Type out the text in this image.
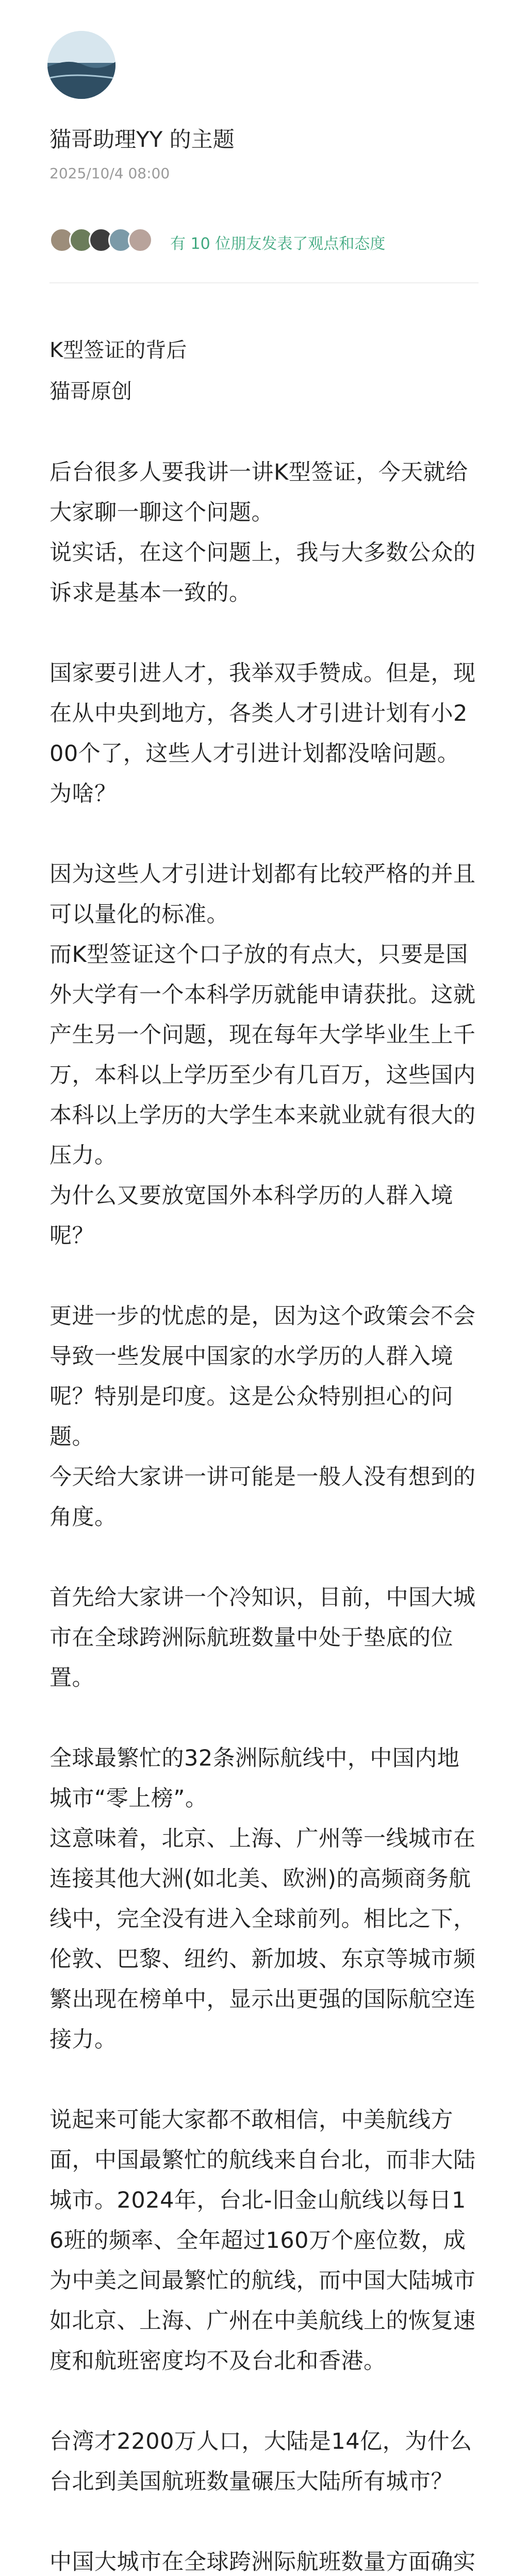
猫哥助理YY 的主题
2025/10/4 08:00
有 10 位朋友发表了观点和态度

K型签证的背后

猫哥原创

后台很多人要我讲一讲K型签证，今天就给大家聊一聊这个问题。

说实话，在这个问题上，我与大多数公众的诉求是基本一致的。

国家要引进人才，我举双手赞成。但是，现在从中央到地方，各类人才引进计划有小200个了，这些人才引进计划都没啥问题。为啥？

因为这些人才引进计划都有比较严格的并且可以量化的标准。

而K型签证这个口子放的有点大，只要是国外大学有一个本科学历就能申请获批。这就产生另一个问题，现在每年大学毕业生上千万，本科以上学历至少有几百万，这些国内本科以上学历的大学生本来就业就有很大的压力。

为什么又要放宽国外本科学历的人群入境呢？

更进一步的忧虑的是，因为这个政策会不会导致一些发展中国家的水学历的人群入境呢？特别是印度。这是公众特别担心的问题。

今天给大家讲一讲可能是一般人没有想到的角度。

首先给大家讲一个冷知识，目前，中国大城市在全球跨洲际航班数量中处于垫底的位置。

全球最繁忙的32条洲际航线中，中国内地城市“零上榜”。

这意味着，北京、上海、广州等一线城市在连接其他大洲(如北美、欧洲)的高频商务航线中，完全没有进入全球前列。相比之下，伦敦、巴黎、纽约、新加坡、东京等城市频繁出现在榜单中，显示出更强的国际航空连接力。

说起来可能大家都不敢相信，中美航线方面，中国最繁忙的航线来自台北，而非大陆城市。2024年，台北-旧金山航线以每日16班的频率、全年超过160万个座位数，成为中美之间最繁忙的航线，而中国大陆城市如北京、上海、广州在中美航线上的恢复速度和航班密度均不及台北和香港。

台湾才2200万人口，大陆是14亿，为什么台北到美国航班数量碾压大陆所有城市？

中国大城市在全球跨洲际航班数量方面确实
